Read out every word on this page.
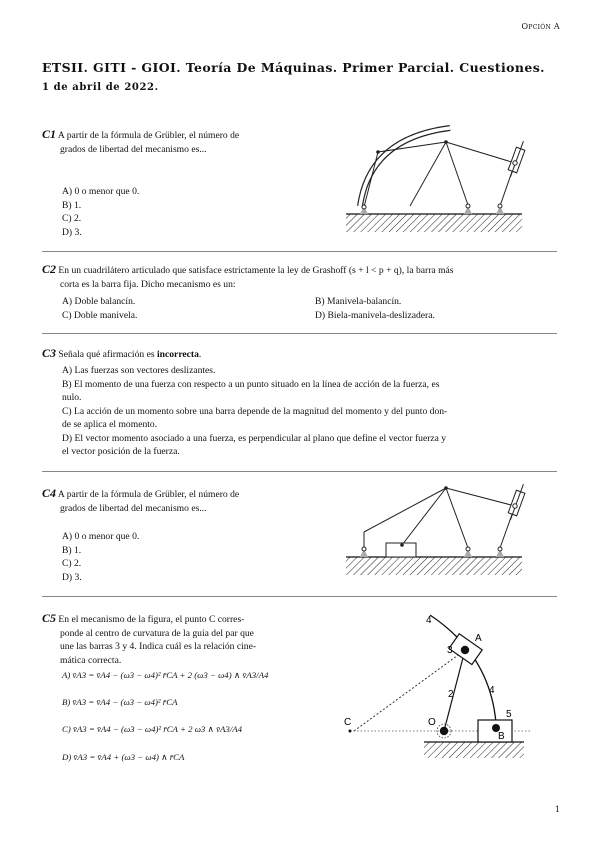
Opción A
ETSII. GITI - GIOI. Teoría De Máquinas. Primer Parcial. Cuestiones.
1 de abril de 2022.
C1 A partir de la fórmula de Grübler, el número de
grados de libertad del mecanismo es...
A) 0 o menor que 0.
B) 1.
C) 2.
D) 3.
C2 En un cuadrilátero articulado que satisface estrictamente la ley de Grashoff (s + l < p + q), la barra más
corta es la barra fija. Dicho mecanismo es un:
A) Doble balancín.	B) Manivela-balancín.
C) Doble manivela.	D) Biela-manivela-deslizadera.
C3 Señala qué afirmación es incorrecta.
A) Las fuerzas son vectores deslizantes.
B) El momento de una fuerza con respecto a un punto situado en la línea de acción de la fuerza, es
nulo.
C) La acción de un momento sobre una barra depende de la magnitud del momento y del punto don-
de se aplica el momento.
D) El vector momento asociado a una fuerza, es perpendicular al plano que define el vector fuerza y
el vector posición de la fuerza.
C4 A partir de la fórmula de Grübler, el número de
grados de libertad del mecanismo es...
A) 0 o menor que 0.
B) 1.
C) 2.
D) 3.
C5 En el mecanismo de la figura, el punto C corres-
ponde al centro de curvatura de la guía del par que
une las barras 3 y 4. Indica cuál es la relación cine-
mática correcta.
A) v̄A3 = v̄A4 − (ω3 − ω4)² r̄CA + 2 (ω3 − ω4) ∧ v̄A3/A4
B) v̄A3 = v̄A4 − (ω3 − ω4)² r̄CA
C) v̄A3 = v̄A4 − (ω3 − ω4)² r̄CA + 2 ω3 ∧ v̄A3/A4
D) v̄A3 = v̄A4 + (ω3 − ω4) ∧ r̄CA
4
A
3
2	4
C	O
B
5
1
